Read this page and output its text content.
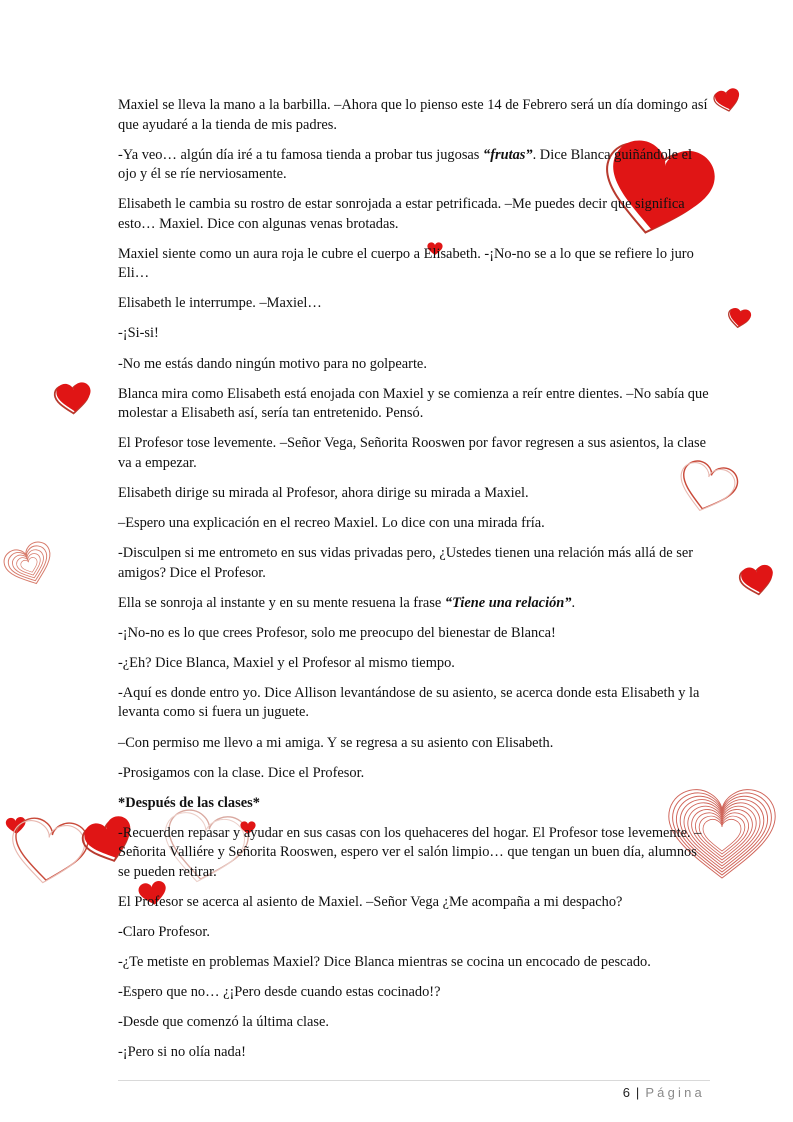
Maxiel se lleva la mano a la barbilla. –Ahora que lo pienso este 14 de Febrero será un día domingo así que ayudaré a la tienda de mis padres.

-Ya veo… algún día iré a tu famosa tienda a probar tus jugosas “frutas”. Dice Blanca guiñándole el ojo y él se ríe nerviosamente.

Elisabeth le cambia su rostro de estar sonrojada a estar petrificada. –Me puedes decir que significa esto… Maxiel. Dice con algunas venas brotadas.

Maxiel siente como un aura roja le cubre el cuerpo a Elisabeth. -¡No-no se a lo que se refiere lo juro Eli…

Elisabeth le interrumpe. –Maxiel…

-¡Si-si!

-No me estás dando ningún motivo para no golpearte.

Blanca mira como Elisabeth está enojada con Maxiel y se comienza a reír entre dientes. –No sabía que molestar a Elisabeth así, sería tan entretenido. Pensó.

El Profesor tose levemente. –Señor Vega, Señorita Rooswen por favor regresen a sus asientos, la clase va a empezar.

Elisabeth dirige su mirada al Profesor, ahora dirige su mirada a Maxiel.

–Espero una explicación en el recreo Maxiel. Lo dice con una mirada fría.

-Disculpen si me entrometo en sus vidas privadas pero, ¿Ustedes tienen una relación más allá de ser amigos? Dice el Profesor.

Ella se sonroja al instante y en su mente resuena la frase “Tiene una relación”.

-¡No-no es lo que crees Profesor, solo me preocupo del bienestar de Blanca!

-¿Eh? Dice Blanca, Maxiel y el Profesor al mismo tiempo.

-Aquí es donde entro yo. Dice Allison levantándose de su asiento, se acerca donde esta Elisabeth y la levanta como si fuera un juguete.

–Con permiso me llevo a mi amiga. Y se regresa a su asiento con Elisabeth.

-Prosigamos con la clase. Dice el Profesor.

*Después de las clases*

-Recuerden repasar y ayudar en sus casas con los quehaceres del hogar. El Profesor tose levemente. –Señorita Valliére y Señorita Rooswen, espero ver el salón limpio… que tengan un buen día, alumnos se pueden retirar.

El Profesor se acerca al asiento de Maxiel. –Señor Vega ¿Me acompaña a mi despacho?

-Claro Profesor.

-¿Te metiste en problemas Maxiel? Dice Blanca mientras se cocina un encocado de pescado.

-Espero que no… ¿¡Pero desde cuando estas cocinado!?

-Desde que comenzó la última clase.

-¡Pero si no olía nada!

6 | Página
